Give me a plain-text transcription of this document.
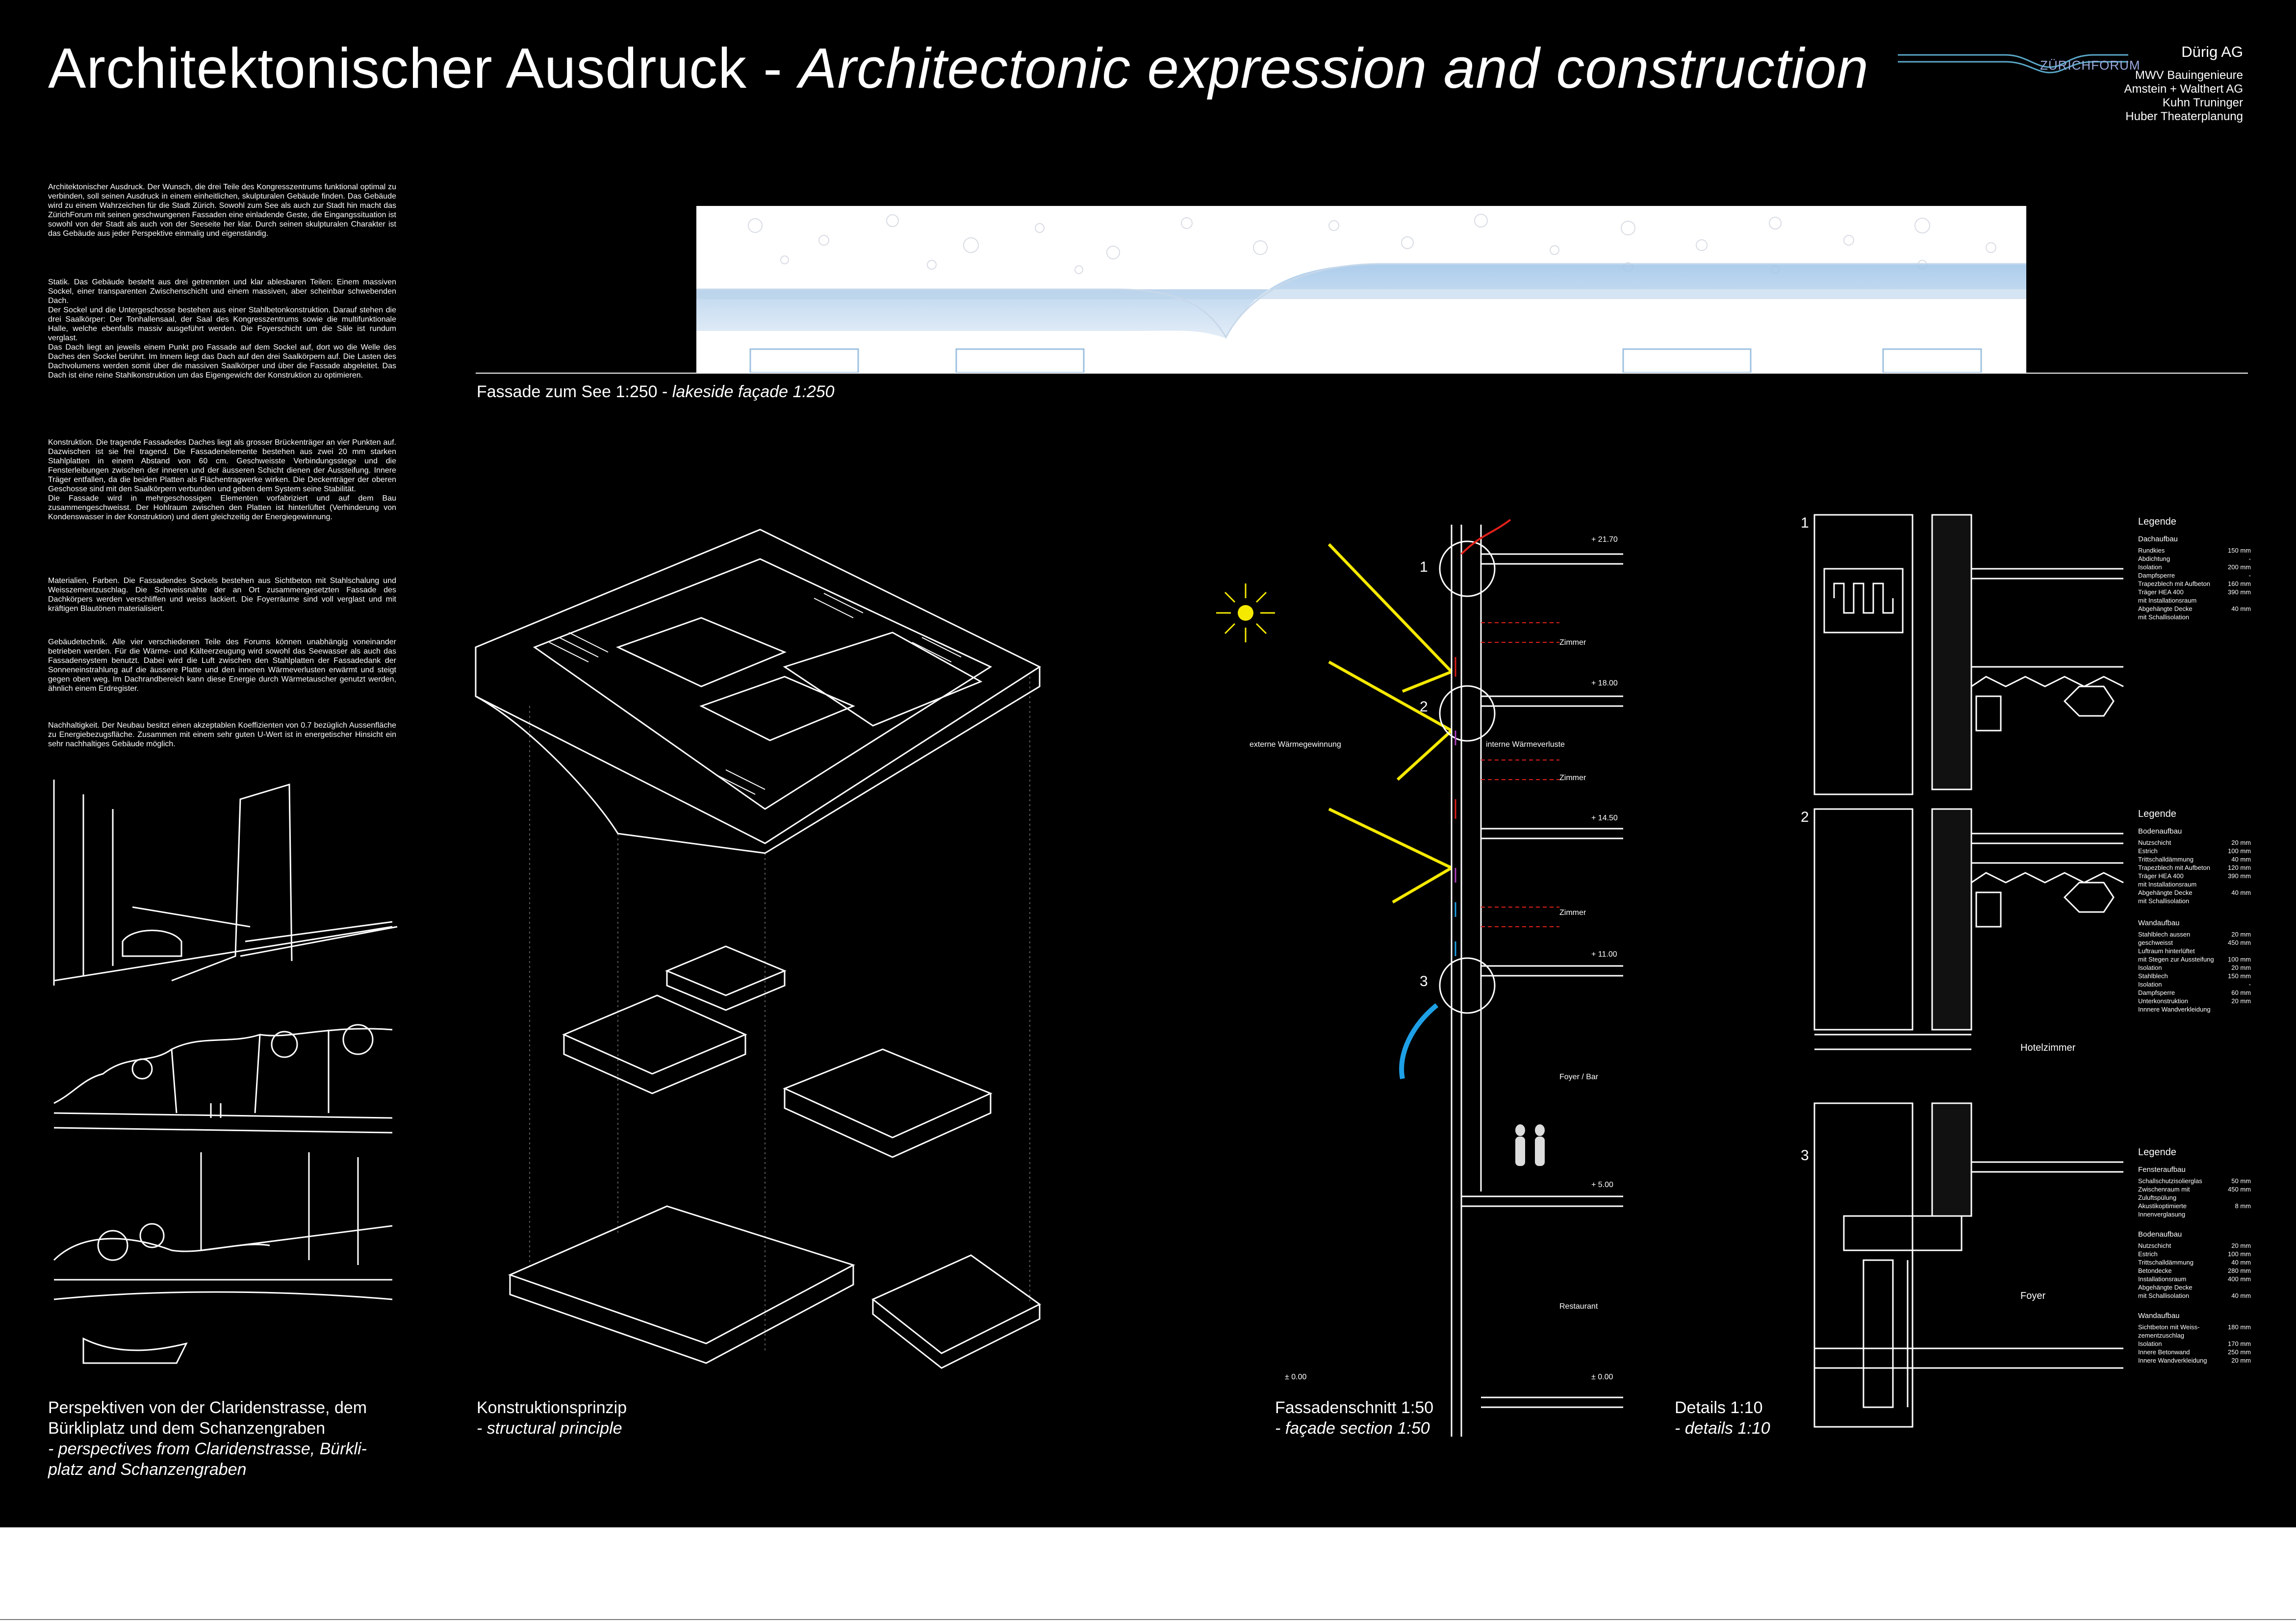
Architektonischer Ausdruck - Architectonic expression and construction	ZÜRICHFORUM
Dürig AG
MWV Bauingenieure
Amstein + Walthert AG
Kuhn Truninger
Huber Theaterplanung
Architektonischer Ausdruck. Der Wunsch, die drei Teile des Kongresszentrums funktional optimal zu verbinden, soll seinen Ausdruck in einem einheitlichen, skulpturalen Gebäude finden. Das Gebäude wird zu einem Wahrzeichen für die Stadt Zürich. Sowohl zum See als auch zur Stadt hin macht das ZürichForum mit seinen geschwungenen Fassaden eine einladende Geste, die Eingangssituation ist sowohl von der Stadt als auch von der Seeseite her klar. Durch seinen skulpturalen Charakter ist das Gebäude aus jeder Perspektive einmalig und eigenständig.
Statik. Das Gebäude besteht aus drei getrennten und klar ablesbaren Teilen: Einem massiven Sockel, einer transparenten Zwischenschicht und einem massiven, aber scheinbar schwebenden Dach.
Der Sockel und die Untergeschosse bestehen aus einer Stahlbetonkonstruktion. Darauf stehen die drei Saalkörper: Der Tonhallensaal, der Saal des Kongresszentrums sowie die multifunktionale Halle, welche ebenfalls massiv ausgeführt werden. Die Foyerschicht um die Säle ist rundum verglast.
Das Dach liegt an jeweils einem Punkt pro Fassade auf dem Sockel auf, dort wo die Welle des Daches den Sockel berührt. Im Innern liegt das Dach auf den drei Saalkörpern auf. Die Lasten des Dachvolumens werden somit über die massiven Saalkörper und über die Fassade abgeleitet. Das Dach ist eine reine Stahlkonstruktion um das Eigengewicht der Konstruktion zu optimieren.
Konstruktion. Die tragende Fassadedes Daches liegt als grosser Brückenträger an vier Punkten auf. Dazwischen ist sie frei tragend. Die Fassadenelemente bestehen aus zwei 20 mm starken Stahlplatten in einem Abstand von 60 cm. Geschweisste Verbindungsstege und die Fensterleibungen zwischen der inneren und der äusseren Schicht dienen der Aussteifung. Innere Träger entfallen, da die beiden Platten als Flächentragwerke wirken. Die Deckenträger der oberen Geschosse sind mit den Saalkörpern verbunden und geben dem System seine Stabilität.
Die Fassade wird in mehrgeschossigen Elementen vorfabriziert und auf dem Bau zusammengeschweisst. Der Hohlraum zwischen den Platten ist hinterlüftet (Verhinderung von Kondenswasser in der Konstruktion) und dient gleichzeitig der Energiegewinnung.
Materialien, Farben. Die Fassadendes Sockels bestehen aus Sichtbeton mit Stahlschalung und Weisszementzuschlag. Die Schweissnähte der an Ort zusammengesetzten Fassade des Dachkörpers werden verschliffen und weiss lackiert. Die Foyerräume sind voll verglast und mit kräftigen Blautönen materialisiert.
Gebäudetechnik. Alle vier verschiedenen Teile des Forums können unabhängig voneinander betrieben werden. Für die Wärme- und Kälteerzeugung wird sowohl das Seewasser als auch das Fassadensystem benutzt. Dabei wird die Luft zwischen den Stahlplatten der Fassadedank der Sonneneinstrahlung auf die äussere Platte und den inneren Wärmeverlusten erwärmt und steigt gegen oben weg. Im Dachrandbereich kann diese Energie durch Wärmetauscher genutzt werden, ähnlich einem Erdregister.
Nachhaltigkeit. Der Neubau besitzt einen akzeptablen Koeffizienten von 0.7 bezüglich Aussenfläche zu Energiebezugsfläche. Zusammen mit einem sehr guten U-Wert ist in energetischer Hinsicht ein sehr nachhaltiges Gebäude möglich.
Fassade zum See 1:250 - lakeside façade 1:250
Perspektiven von der Claridenstrasse, dem
Bürkliplatz und dem Schanzengraben
- perspectives from Claridenstrasse, Bürkli-
platz and Schanzengraben
Konstruktionsprinzip
- structural principle
+ 21.70
+ 18.00
+ 14.50
+ 11.00
+ 5.00
± 0.00	± 0.00
Zimmer
Zimmer
Zimmer
Foyer / Bar
Restaurant
externe Wärmegewinnung	interne Wärmeverluste
1
2
3
Fassadenschnitt 1:50
- façade section 1:50
1
2
3
Hotelzimmer
Foyer
Details 1:10
- details 1:10
Legende
Dachaufbau
Rundkies	150 mm
Abdichtung	-
Isolation	200 mm
Dampfsperre	-
Trapezblech mit Aufbeton	160 mm
Träger HEA 400	390 mm
mit Installationsraum
Abgehängte Decke	40 mm
mit Schallisolation
Legende
Bodenaufbau
Nutzschicht	20 mm
Estrich	100 mm
Trittschalldämmung	40 mm
Trapezblech mit Aufbeton	120 mm
Träger HEA 400	390 mm
mit Installationsraum
Abgehängte Decke	40 mm
mit Schallisolation
Wandaufbau
Stahlblech aussen	20 mm
geschweisst	450 mm
Luftraum hinterlüftet
mit Stegen zur Aussteifung 100 mm
Isolation	20 mm
Stahlblech	150 mm
Isolation	-
Dampfsperre	60 mm
Unterkonstruktion	20 mm
Innnere Wandverkleidung
Legende
Fensteraufbau
Schallschutzisolierglas	50 mm
Zwischenraum mit	450 mm
Zuluftspülung
Akustikoptimierte	8 mm
Innenverglasung
Bodenaufbau
Nutzschicht	20 mm
Estrich	100 mm
Trittschalldämmung	40 mm
Betondecke	280 mm
Installationsraum	400 mm
Abgehängte Decke
mit Schallisolation	40 mm
Wandaufbau
Sichtbeton mit Weiss-	180 mm
zementzuschlag
Isolation	170 mm
Innere Betonwand	250 mm
Innere Wandverkleidung	20 mm
